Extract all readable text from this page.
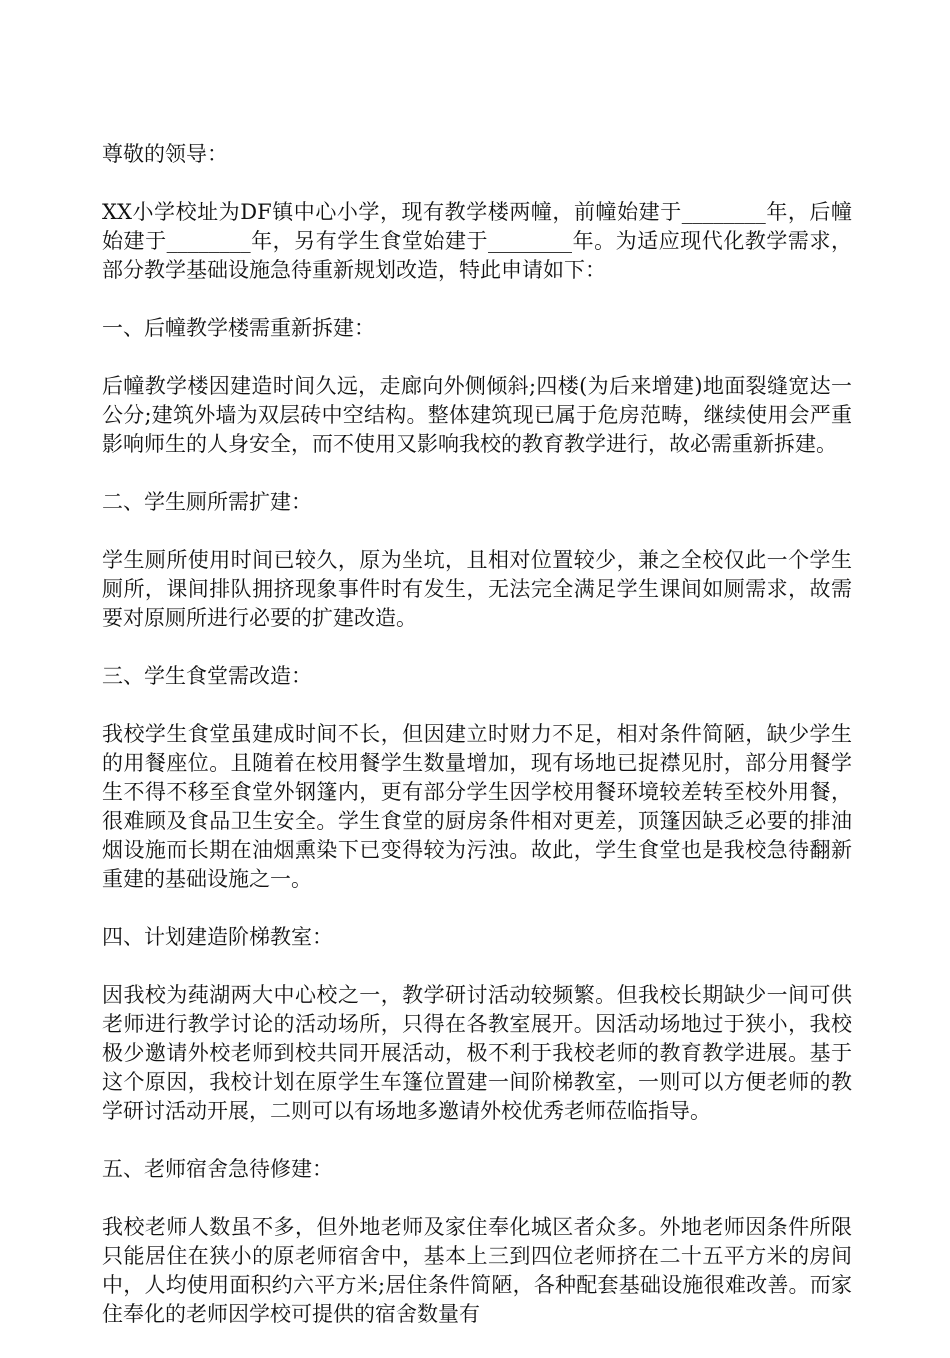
尊敬的领导：

XX小学校址为DF镇中心小学，现有教学楼两幢，前幢始建于________年，后幢始建于________年，另有学生食堂始建于________年。为适应现代化教学需求，部分教学基础设施急待重新规划改造，特此申请如下：

一、后幢教学楼需重新拆建：

后幢教学楼因建造时间久远，走廊向外侧倾斜;四楼(为后来增建)地面裂缝宽达一公分;建筑外墙为双层砖中空结构。整体建筑现已属于危房范畴，继续使用会严重影响师生的人身安全，而不使用又影响我校的教育教学进行，故必需重新拆建。

二、学生厕所需扩建：

学生厕所使用时间已较久，原为坐坑，且相对位置较少，兼之全校仅此一个学生厕所，课间排队拥挤现象事件时有发生，无法完全满足学生课间如厕需求，故需要对原厕所进行必要的扩建改造。

三、学生食堂需改造：

我校学生食堂虽建成时间不长，但因建立时财力不足，相对条件简陋，缺少学生的用餐座位。且随着在校用餐学生数量增加，现有场地已捉襟见肘，部分用餐学生不得不移至食堂外钢篷内，更有部分学生因学校用餐环境较差转至校外用餐，很难顾及食品卫生安全。学生食堂的厨房条件相对更差，顶篷因缺乏必要的排油烟设施而长期在油烟熏染下已变得较为污浊。故此，学生食堂也是我校急待翻新重建的基础设施之一。

四、计划建造阶梯教室：

因我校为莼湖两大中心校之一，教学研讨活动较频繁。但我校长期缺少一间可供老师进行教学讨论的活动场所，只得在各教室展开。因活动场地过于狭小，我校极少邀请外校老师到校共同开展活动，极不利于我校老师的教育教学进展。基于这个原因，我校计划在原学生车篷位置建一间阶梯教室，一则可以方便老师的教学研讨活动开展，二则可以有场地多邀请外校优秀老师莅临指导。

五、老师宿舍急待修建：

我校老师人数虽不多，但外地老师及家住奉化城区者众多。外地老师因条件所限只能居住在狭小的原老师宿舍中，基本上三到四位老师挤在二十五平方米的房间中，人均使用面积约六平方米;居住条件简陋，各种配套基础设施很难改善。而家住奉化的老师因学校可提供的宿舍数量有
